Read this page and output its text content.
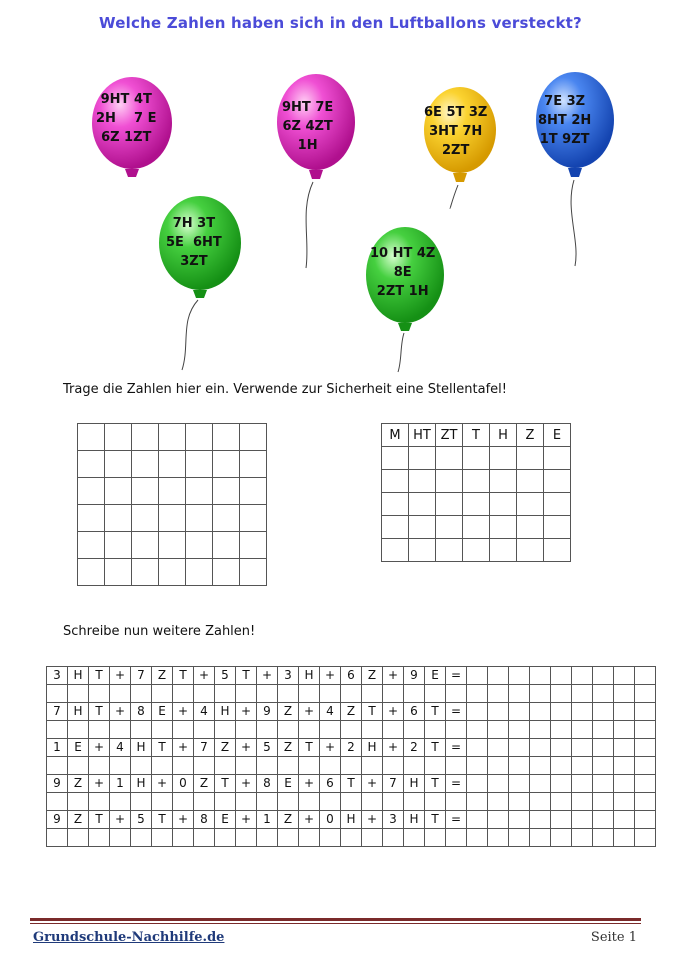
Welche Zahlen haben sich in den Luftballons versteckt?
9HT 4T
2H    7 E
6Z 1ZT
9HT 7E
6Z 4ZT
1H
6E 5T 3Z
3HT 7H
2ZT
7E 3Z
8HT 2H
1T 9ZT
7H 3T
5E  6HT
3ZT
10 HT 4Z
8E
2ZT 1H
Trage die Zahlen hier ein. Verwende zur Sicherheit eine Stellentafel!

M	HT	ZT	T	H	Z	E

Schreibe nun weitere Zahlen!
3	H	T	+	7	Z	T	+	5	T	+	3	H	+	6	Z	+	9	E	=									

7	H	T	+	8	E	+	4	H	+	9	Z	+	4	Z	T	+	6	T	=									

1	E	+	4	H	T	+	7	Z	+	5	Z	T	+	2	H	+	2	T	=									

9	Z	+	1	H	+	0	Z	T	+	8	E	+	6	T	+	7	H	T	=									

9	Z	T	+	5	T	+	8	E	+	1	Z	+	0	H	+	3	H	T	=									

Grundschule-Nachhilfe.de	Seite 1
